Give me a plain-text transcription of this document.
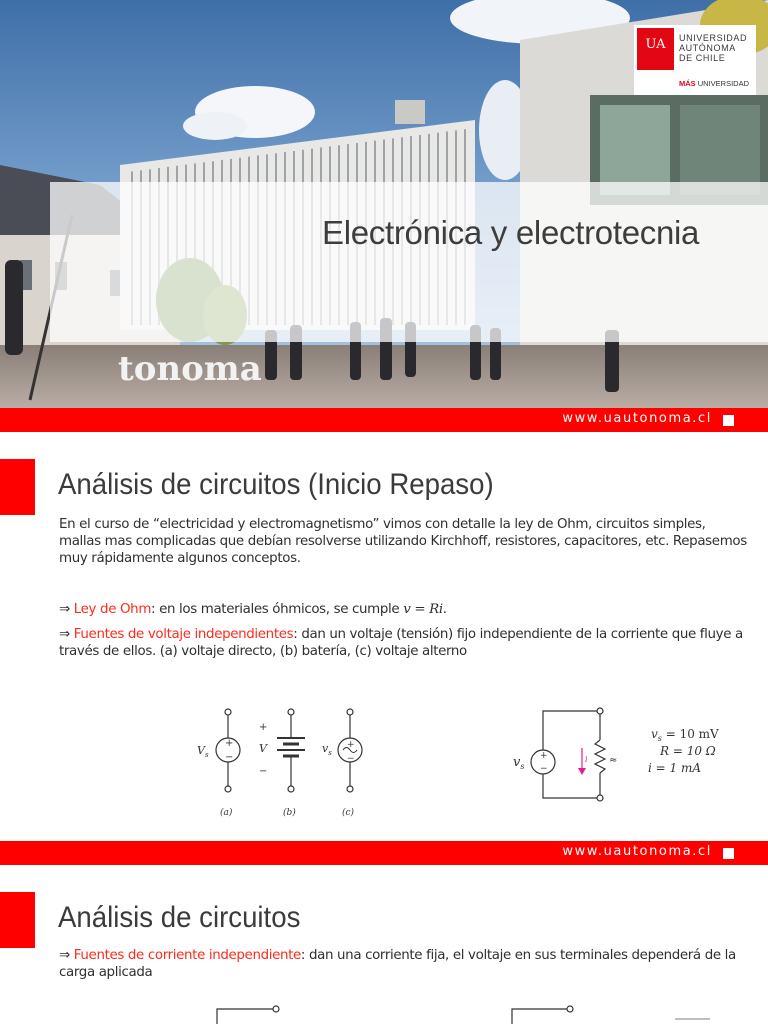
tonoma
Electrónica y electrotecnia
UA	UNIVERSIDAD
AUTÓNOMA
DE CHILE
MÁS UNIVERSIDAD
www.uautonoma.cl
Análisis de circuitos (Inicio Repaso)
En el curso de “electricidad y electromagnetismo” vimos con detalle la ley de Ohm, circuitos simples, mallas mas complicadas que debían resolverse utilizando Kirchhoff, resistores, capacitores, etc. Repasemos muy rápidamente algunos conceptos.
⇒ Ley de Ohm: en los materiales óhmicos, se cumple v = Ri.
⇒ Fuentes de voltaje independientes: dan un voltaje (tensión) fijo independiente de la corriente que fluye a través de ellos. (a) voltaje directo, (b) batería, (c) voltaje alterno
+
−
+
−
+
−
$V_s$	V	$v_s$
(a)	(b)	(c)
+
−
$v_s$
i ≈
$v_s = 10$ mV
R = 10 Ω
i = 1 mA
www.uautonoma.cl
Análisis de circuitos
⇒ Fuentes de corriente independiente: dan una corriente fija, el voltaje en sus terminales dependerá de la carga aplicada
